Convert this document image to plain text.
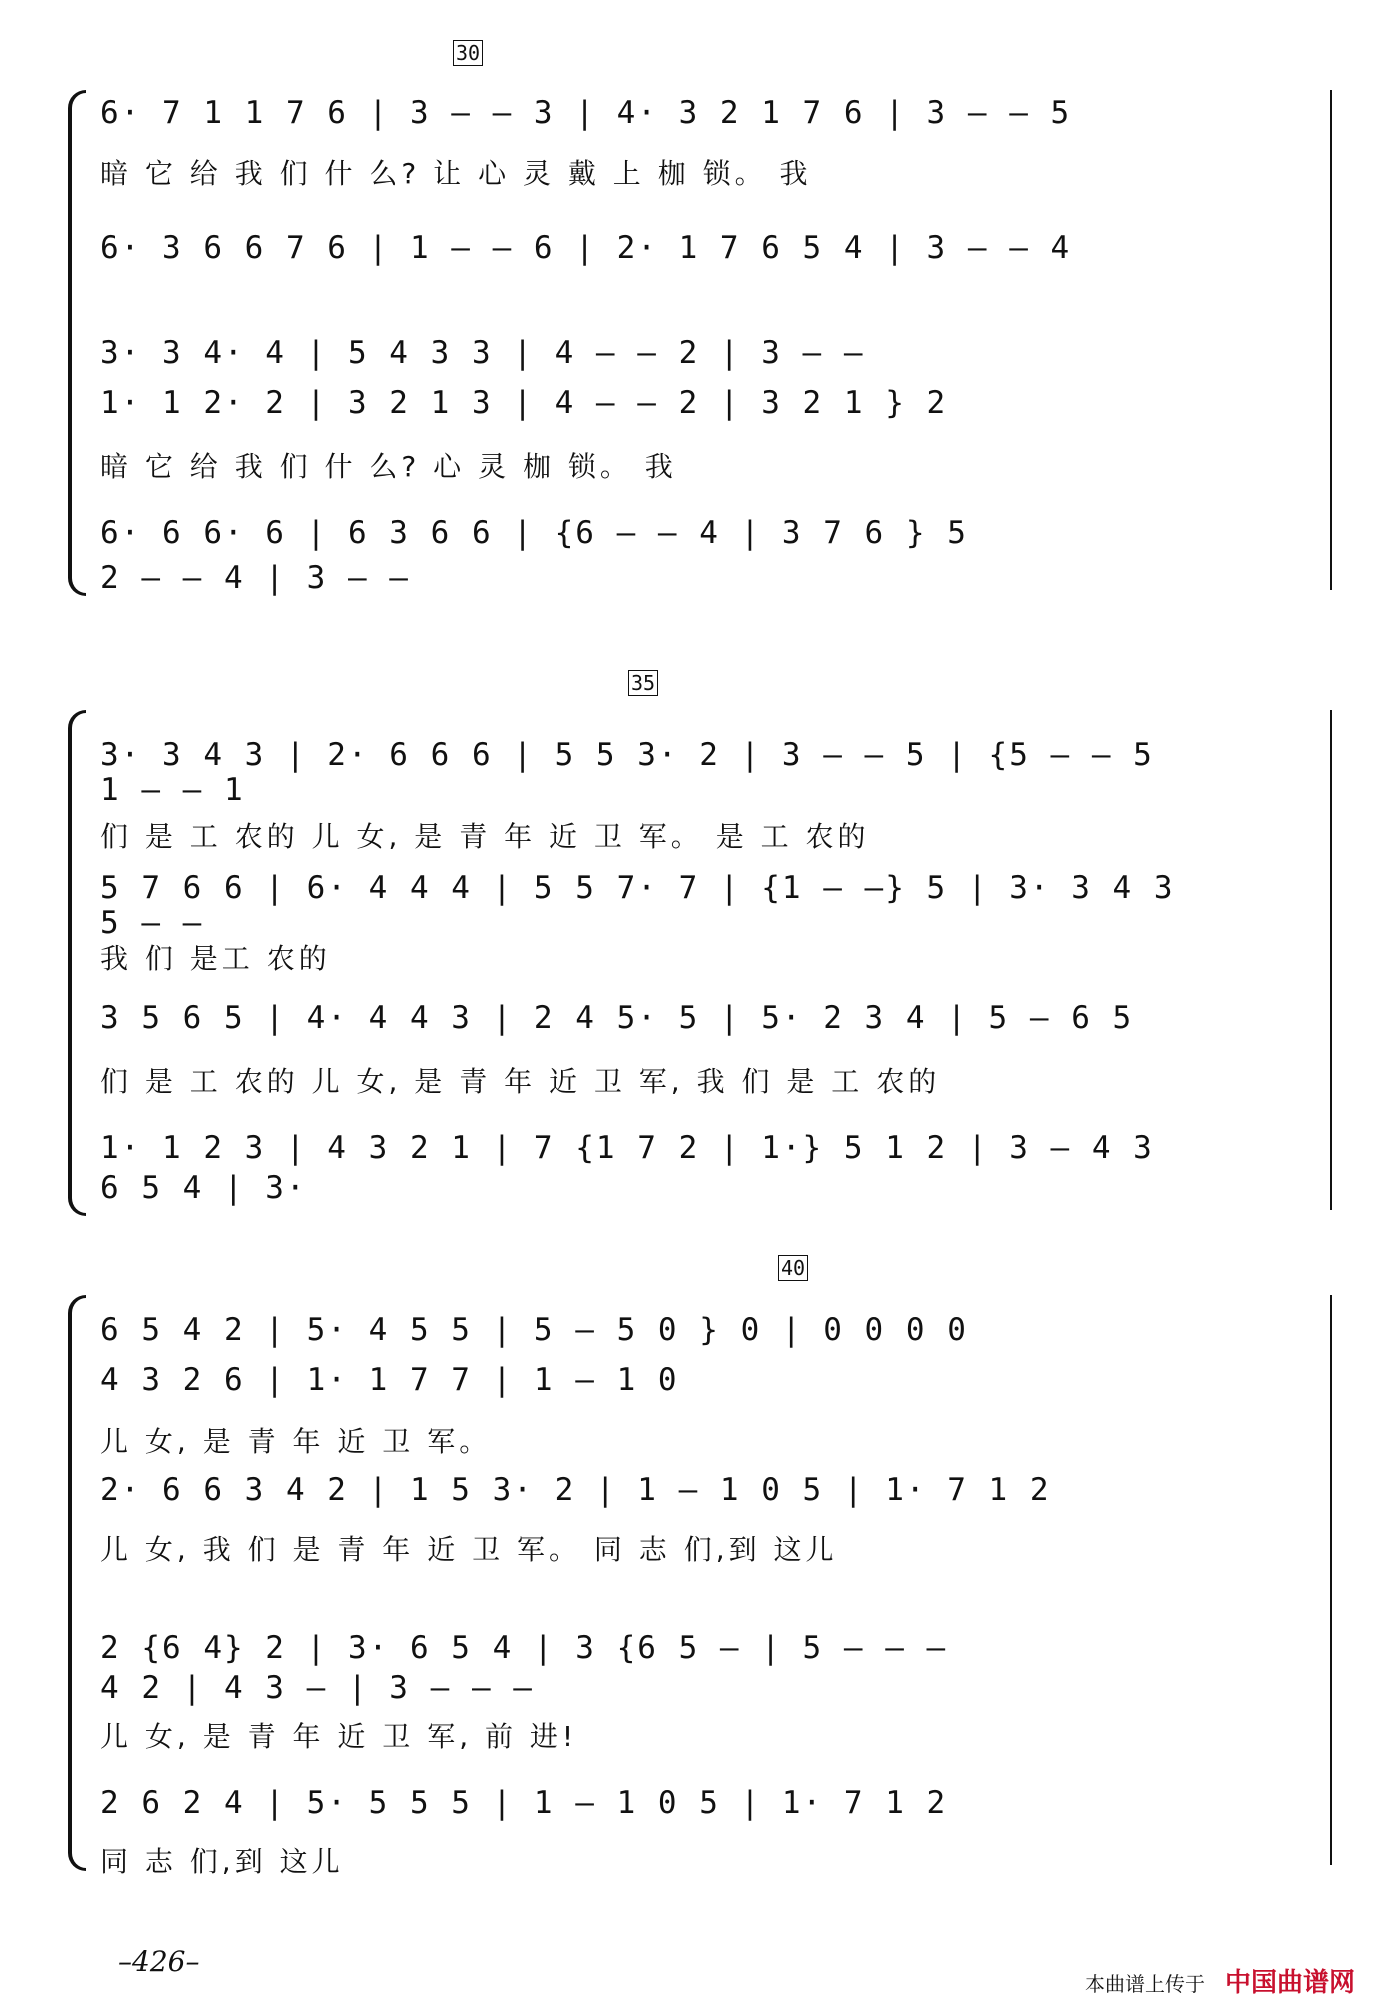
30
6· 7 1 1 7 6 | 3 – – 3 | 4· 3 2 1 7 6 | 3 – – 5
暗 它 给 我 们 什 么? 让 心 灵 戴 上 枷 锁。 我
6· 3 6 6 7 6 | 1 – – 6 | 2· 1 7 6 5 4 | 3 – – 4
3· 3 4· 4 | 5 4 3 3 | 4 – – 2 | 3 – –
1· 1 2· 2 | 3 2 1 3 | 4 – – 2 | 3 2 1 } 2
暗 它 给 我 们 什 么? 心 灵 枷 锁。 我
6· 6 6· 6 | 6 3 6 6 | {6 – – 4 | 3 7 6 } 5
2 – – 4 | 3 – –
35
3· 3 4 3 | 2· 6 6 6 | 5 5 3· 2 | 3 – – 5 | {5 – – 5
1 – – 1
们 是 工 农的 儿 女, 是 青 年 近 卫 军。 是 工 农的
5 7 6 6 | 6· 4 4 4 | 5 5 7· 7 | {1 – –} 5 | 3· 3 4 3
5 – –
我 们 是工 农的
3 5 6 5 | 4· 4 4 3 | 2 4 5· 5 | 5· 2 3 4 | 5 – 6 5
们 是 工 农的 儿 女, 是 青 年 近 卫 军, 我 们 是 工 农的
1· 1 2 3 | 4 3 2 1 | 7 {1 7 2 | 1·} 5 1 2 | 3 – 4 3
6 5 4 | 3·
40
6 5 4 2 | 5· 4 5 5 | 5 – 5 0 } 0 | 0 0 0 0
4 3 2 6 | 1· 1 7 7 | 1 – 1 0
儿 女, 是 青 年 近 卫 军。
2· 6 6 3 4 2 | 1 5 3· 2 | 1 – 1 0 5 | 1· 7 1 2
儿 女, 我 们 是 青 年 近 卫 军。 同 志 们,到 这儿
2 {6 4} 2 | 3· 6 5 4 | 3 {6 5 – | 5 – – –
4 2 | 4 3 – | 3 – – –
儿 女, 是 青 年 近 卫 军, 前 进!
2 6 2 4 | 5· 5 5 5 | 1 – 1 0 5 | 1· 7 1 2
同 志 们,到 这儿
–426–
本曲谱上传于 中国曲谱网
